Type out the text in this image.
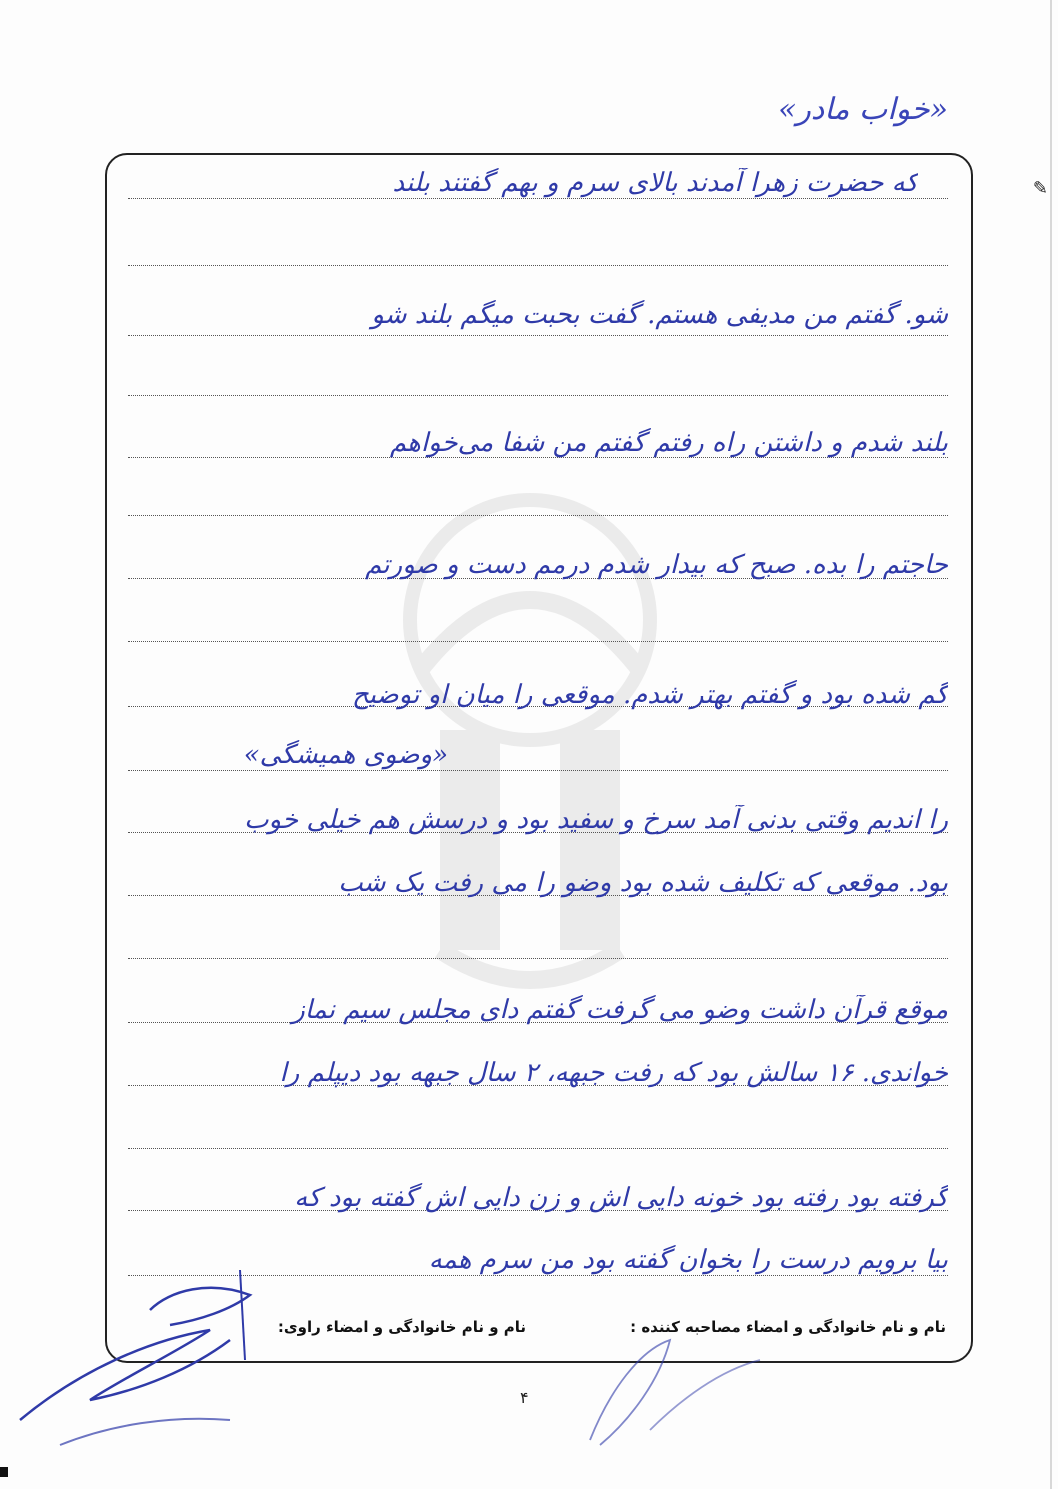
«خواب مادر»
✎
که حضرت زهرا آمدند بالای سرم و بهم گفتند بلند
شو. گفتم من مدیفی هستم. گفت بحبت میگم بلند شو
بلند شدم و داشتن راه رفتم گفتم من شفا می‌خواهم
حاجتم را بده. صبح که بیدار شدم درمم دست و صورتم
گم شده بود و گفتم بهتر شدم. موقعی را میان او توضیح
«وضوی همیشگی»
را اندیم وقتی بدنی آمد سرخ و سفید بود و درسش هم خیلی خوب
بود. موقعی که تکلیف شده بود وضو را می رفت یک شب
موقع قرآن داشت وضو می گرفت گفتم دای مجلس سیم نماز
خواندی. ۱۶ سالش بود که رفت جبهه، ۲ سال جبهه بود دیپلم را
گرفته بود رفته بود خونه دایی اش و زن دایی اش گفته بود که
بیا برویم درست را بخوان گفته بود من سرم همه
نام و نام خانوادگی و امضاء مصاحبه کننده :
نام و نام خانوادگی و امضاء راوی:
۴
